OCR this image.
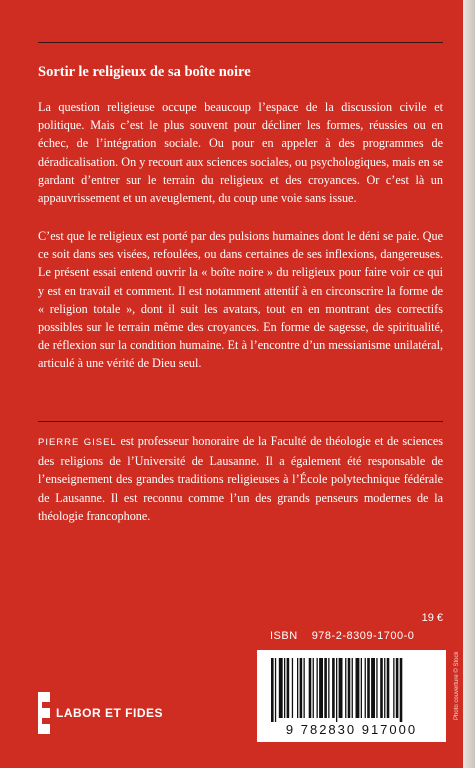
Sortir le religieux de sa boîte noire

La question religieuse occupe beaucoup l’espace de la discussion civile et politique. Mais c’est le plus souvent pour décliner les formes, réussies ou en échec, de l’intégration sociale. Ou pour en appeler à des programmes de déradicalisation. On y recourt aux sciences sociales, ou psychologiques, mais en se gardant d’entrer sur le terrain du religieux et des croyances. Or c’est là un appauvrissement et un aveuglement, du coup une voie sans issue.

C’est que le religieux est porté par des pulsions humaines dont le déni se paie. Que ce soit dans ses visées, refoulées, ou dans certaines de ses inflexions, dangereuses. Le présent essai entend ouvrir la « boîte noire » du religieux pour faire voir ce qui y est en travail et comment. Il est notamment attentif à en circonscrire la forme de « religion totale », dont il suit les avatars, tout en en montrant des correctifs possibles sur le terrain même des croyances. En forme de sagesse, de spiritualité, de réflexion sur la condition humaine. Et à l’encontre d’un messianisme unilatéral, articulé à une vérité de Dieu seul.

PIERRE GISEL est professeur honoraire de la Faculté de théologie et de sciences des religions de l’Université de Lausanne. Il a également été responsable de l’enseignement des grandes traditions religieuses à l’École polytechnique fédérale de Lausanne. Il est reconnu comme l’un des grands penseurs modernes de la théologie francophone.

19 €
ISBN 978-2-8309-1700-0
9 782830 917000
LABOR ET FIDES	Photo couverture © Stock
